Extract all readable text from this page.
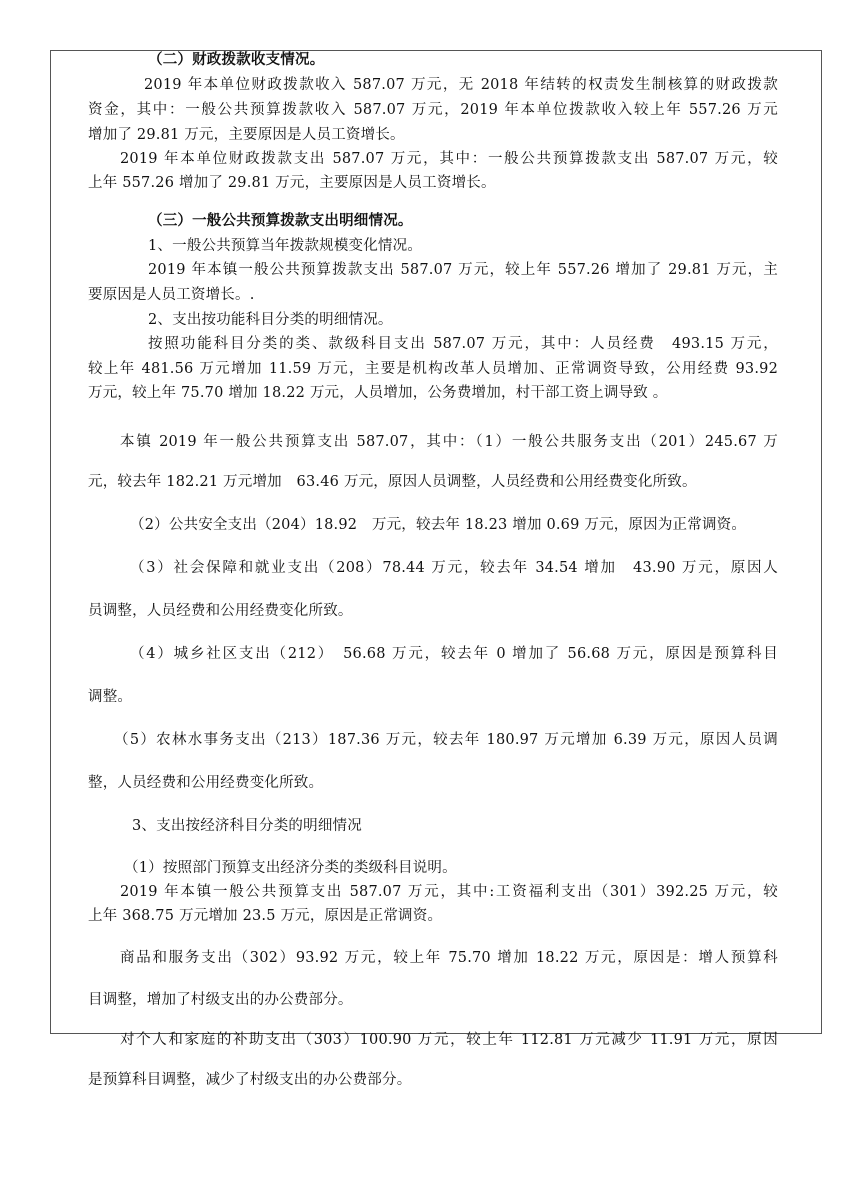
（二）财政拨款收支情况。
2019 年本单位财政拨款收入 587.07 万元，无 2018 年结转的权责发生制核算的财政拨款
资金，其中：一般公共预算拨款收入 587.07 万元，2019 年本单位拨款收入较上年 557.26 万元
增加了 29.81 万元，主要原因是人员工资增长。
2019 年本单位财政拨款支出 587.07 万元，其中：一般公共预算拨款支出 587.07 万元，较
上年 557.26 增加了 29.81 万元，主要原因是人员工资增长。
（三）一般公共预算拨款支出明细情况。
1、一般公共预算当年拨款规模变化情况。
2019 年本镇一般公共预算拨款支出 587.07 万元，较上年 557.26 增加了 29.81 万元，主
要原因是人员工资增长。.
2、支出按功能科目分类的明细情况。
按照功能科目分类的类、款级科目支出 587.07 万元，其中：人员经费　493.15 万元，
较上年 481.56 万元增加 11.59 万元，主要是机构改革人员增加、正常调资导致，公用经费 93.92
万元，较上年 75.70 增加 18.22 万元，人员增加，公务费增加，村干部工资上调导致 。
本镇 2019 年一般公共预算支出 587.07，其中：（1）一般公共服务支出（201）245.67 万
元，较去年 182.21 万元增加　63.46 万元，原因人员调整，人员经费和公用经费变化所致。
（2）公共安全支出（204）18.92　万元，较去年 18.23 增加 0.69 万元，原因为正常调资。
（3）社会保障和就业支出（208）78.44 万元，较去年 34.54 增加　43.90 万元，原因人
员调整，人员经费和公用经费变化所致。
（4）城乡社区支出（212）　56.68 万元，较去年 0 增加了 56.68 万元，原因是预算科目
调整。
（5）农林水事务支出（213）187.36 万元，较去年 180.97 万元增加 6.39 万元，原因人员调
整，人员经费和公用经费变化所致。
3、支出按经济科目分类的明细情况
（1）按照部门预算支出经济分类的类级科目说明。
2019 年本镇一般公共预算支出 587.07 万元，其中:工资福利支出（301）392.25 万元，较
上年 368.75 万元增加 23.5 万元，原因是正常调资。
商品和服务支出（302）93.92 万元，较上年 75.70 增加 18.22 万元，原因是：增人预算科
目调整，增加了村级支出的办公费部分。
对个人和家庭的补助支出（303）100.90 万元，较上年 112.81 万元减少 11.91 万元，原因
是预算科目调整，减少了村级支出的办公费部分。
